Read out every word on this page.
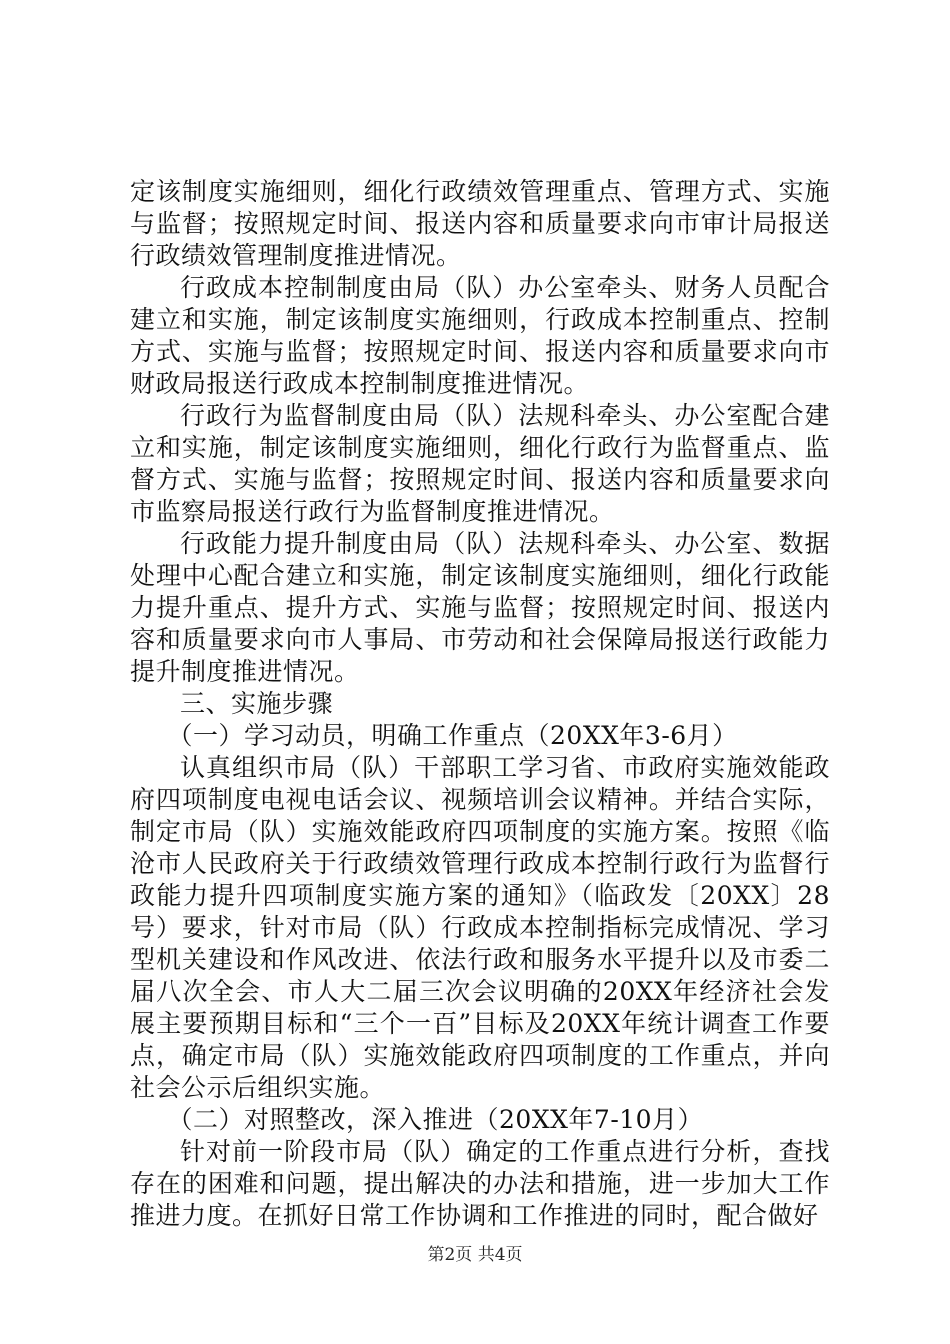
定该制度实施细则，细化行政绩效管理重点、管理方式、实施与监督；按照规定时间、报送内容和质量要求向市审计局报送行政绩效管理制度推进情况。

行政成本控制制度由局（队）办公室牵头、财务人员配合建立和实施，制定该制度实施细则，行政成本控制重点、控制方式、实施与监督；按照规定时间、报送内容和质量要求向市财政局报送行政成本控制制度推进情况。

行政行为监督制度由局（队）法规科牵头、办公室配合建立和实施，制定该制度实施细则，细化行政行为监督重点、监督方式、实施与监督；按照规定时间、报送内容和质量要求向市监察局报送行政行为监督制度推进情况。

行政能力提升制度由局（队）法规科牵头、办公室、数据处理中心配合建立和实施，制定该制度实施细则，细化行政能力提升重点、提升方式、实施与监督；按照规定时间、报送内容和质量要求向市人事局、市劳动和社会保障局报送行政能力提升制度推进情况。

三、实施步骤

（一）学习动员，明确工作重点（20XX年3-6月）

认真组织市局（队）干部职工学习省、市政府实施效能政府四项制度电视电话会议、视频培训会议精神。并结合实际，制定市局（队）实施效能政府四项制度的实施方案。按照《临沧市人民政府关于行政绩效管理行政成本控制行政行为监督行政能力提升四项制度实施方案的通知》（临政发〔20XX〕28号）要求，针对市局（队）行政成本控制指标完成情况、学习型机关建设和作风改进、依法行政和服务水平提升以及市委二届八次全会、市人大二届三次会议明确的20XX年经济社会发展主要预期目标和“三个一百”目标及20XX年统计调查工作要点，确定市局（队）实施效能政府四项制度的工作重点，并向社会公示后组织实施。

（二）对照整改，深入推进（20XX年7-10月）

针对前一阶段市局（队）确定的工作重点进行分析，查找存在的困难和问题，提出解决的办法和措施，进一步加大工作推进力度。在抓好日常工作协调和工作推进的同时，配合做好

第2页 共4页
